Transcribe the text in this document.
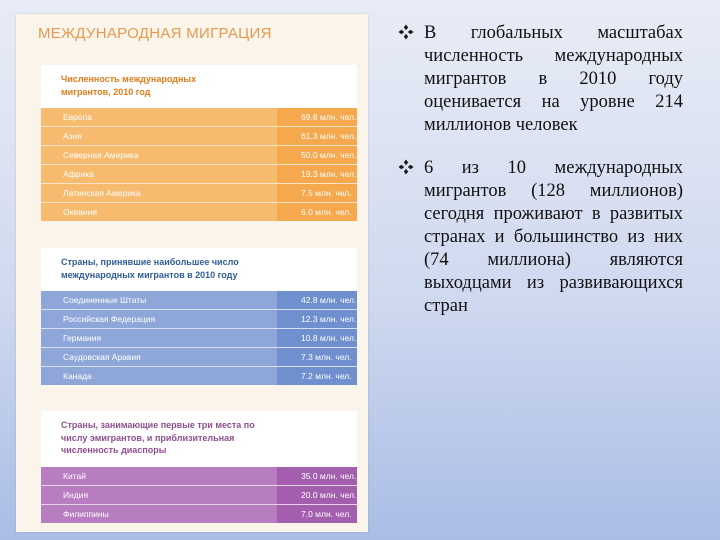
МЕЖДУНАРОДНАЯ МИГРАЦИЯ
Численность международных
мигрантов, 2010 год
Европа	69.8 млн. чел.
Азия	61.3 млн. чел.
Северная Америка	50.0 млн. чел.
Африка	19.3 млн. чел.
Латинская Америка	7.5 млн. чел.
Океания	6.0 млн. чел.
Страны, принявшие наибольшее число
международных мигрантов в 2010 году
Соединенные Штаты	42.8 млн. чел.
Российская Федерация	12.3 млн. чел.
Германия	10.8 млн. чел.
Саудовская Аравия	7.3 млн. чел.
Канада	7.2 млн. чел.
Страны, занимающие первые три места по
числу эмигрантов, и приблизительная
численность диаспоры
Китай	35.0 млн. чел.
Индия	20.0 млн. чел.
Филиппины	7.0 млн. чел.
В глобальных масштабах численность международных мигрантов в 2010 году оценивается на уровне 214 миллионов человек
6 из 10 международных мигрантов (128 миллионов) сегодня проживают в развитых странах и большинство из них (74 миллиона) являются выходцами из развивающихся стран
